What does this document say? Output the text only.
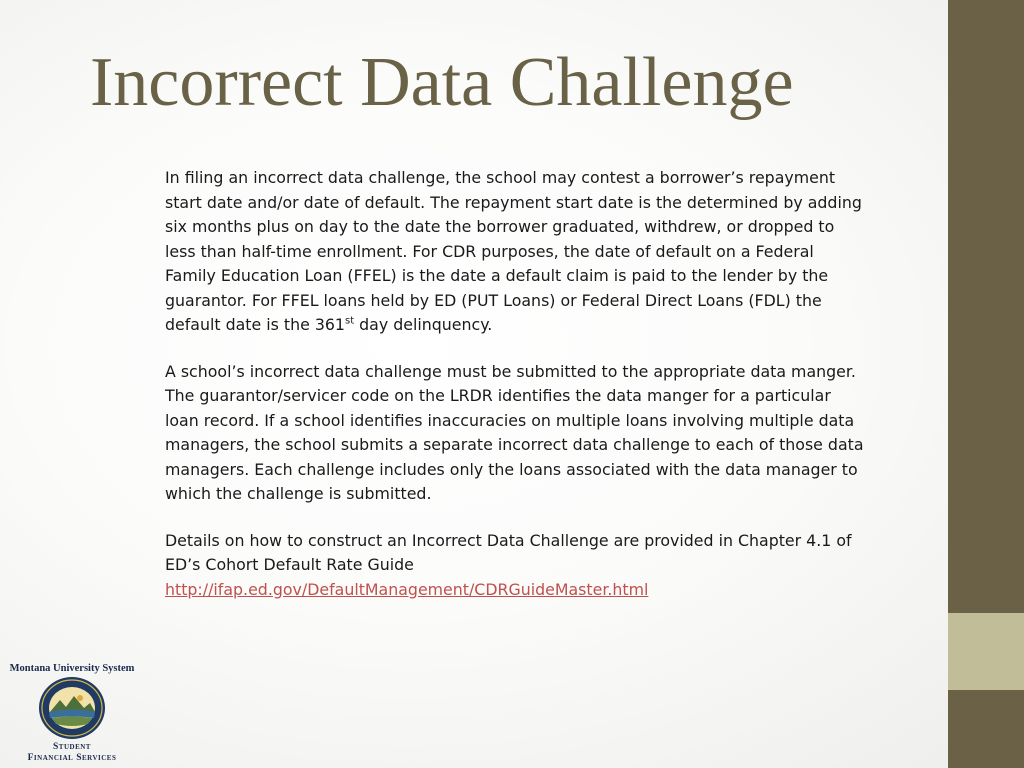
Incorrect Data Challenge

In filing an incorrect data challenge, the school may contest a borrower’s repayment start date and/or date of default. The repayment start date is the determined by adding six months plus on day to the date the borrower graduated, withdrew, or dropped to less than half-time enrollment. For CDR purposes, the date of default on a Federal Family Education Loan (FFEL) is the date a default claim is paid to the lender by the guarantor. For FFEL loans held by ED (PUT Loans) or Federal Direct Loans (FDL) the default date is the 361st day delinquency.

A school’s incorrect data challenge must be submitted to the appropriate data manger. The guarantor/servicer code on the LRDR identifies the data manger for a particular loan record. If a school identifies inaccuracies on multiple loans involving multiple data managers, the school submits a separate incorrect data challenge to each of those data managers. Each challenge includes only the loans associated with the data manager to which the challenge is submitted.

Details on how to construct an Incorrect Data Challenge are provided in Chapter 4.1 of ED’s Cohort Default Rate Guide
http://ifap.ed.gov/DefaultManagement/CDRGuideMaster.html

Montana University System
Student
Financial Services
